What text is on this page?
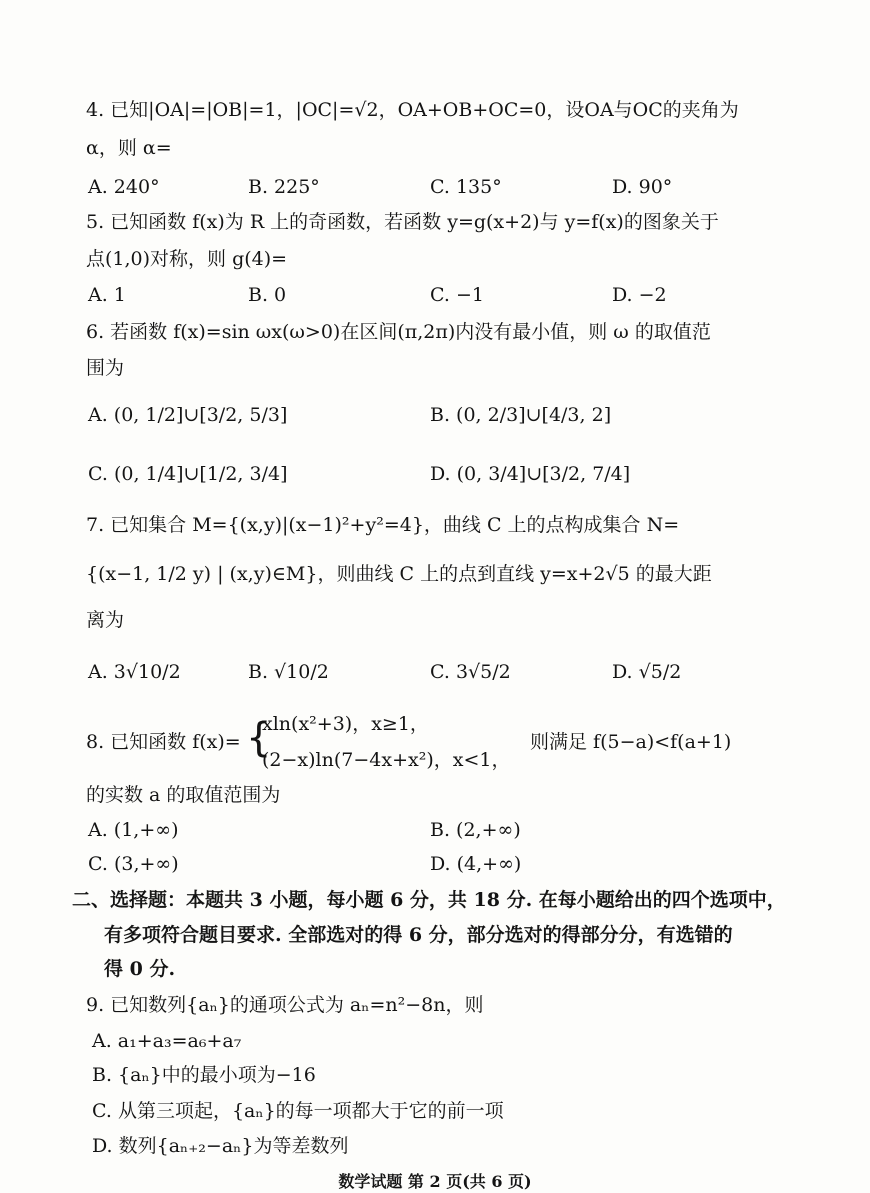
4. 已知|OA|=|OB|=1，|OC|=√2，OA+OB+OC=0，设OA与OC的夹角为
α，则 α=
A. 240°	B. 225°	C. 135°	D. 90°
5. 已知函数 f(x)为 R 上的奇函数，若函数 y=g(x+2)与 y=f(x)的图象关于
点(1,0)对称，则 g(4)=
A. 1	B. 0	C. −1	D. −2
6. 若函数 f(x)=sin ωx(ω>0)在区间(π,2π)内没有最小值，则 ω 的取值范
围为
A. (0, 1/2]∪[3/2, 5/3]	B. (0, 2/3]∪[4/3, 2]
C. (0, 1/4]∪[1/2, 3/4]	D. (0, 3/4]∪[3/2, 7/4]
7. 已知集合 M={(x,y)|(x−1)²+y²=4}，曲线 C 上的点构成集合 N=
{(x−1, 1/2 y) | (x,y)∈M}，则曲线 C 上的点到直线 y=x+2√5 的最大距
离为
A. 3√10/2	B. √10/2	C. 3√5/2	D. √5/2
8. 已知函数 f(x)= {
xln(x²+3)，x≥1，
(2−x)ln(7−4x+x²)，x<1，
则满足 f(5−a)<f(a+1)
的实数 a 的取值范围为
A. (1,+∞)	B. (2,+∞)
C. (3,+∞)	D. (4,+∞)
二、选择题：本题共 3 小题，每小题 6 分，共 18 分. 在每小题给出的四个选项中，
有多项符合题目要求. 全部选对的得 6 分，部分选对的得部分分，有选错的
得 0 分.
9. 已知数列{aₙ}的通项公式为 aₙ=n²−8n，则
A. a₁+a₃=a₆+a₇
B. {aₙ}中的最小项为−16
C. 从第三项起，{aₙ}的每一项都大于它的前一项
D. 数列{aₙ₊₂−aₙ}为等差数列
数学试题 第 2 页(共 6 页)
